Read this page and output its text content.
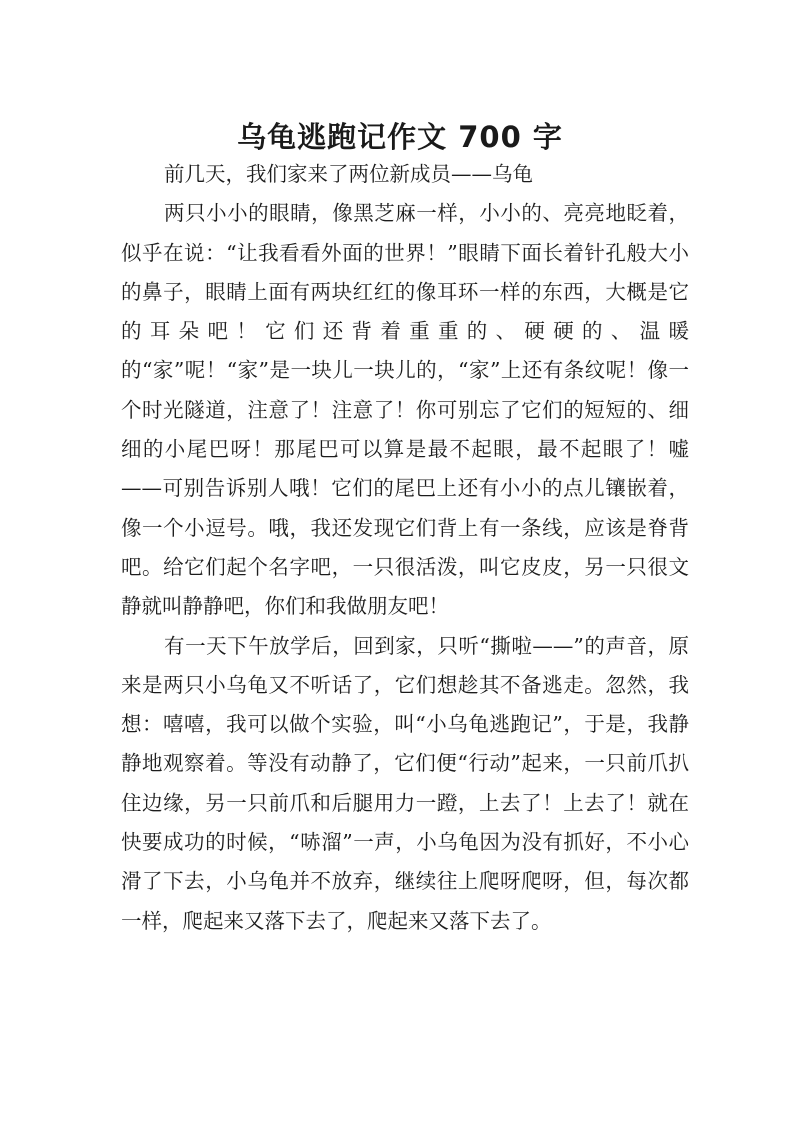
乌龟逃跑记作文 700 字

前几天，我们家来了两位新成员——乌龟

两只小小的眼睛，像黑芝麻一样，小小的、亮亮地眨着，似乎在说：“让我看看外面的世界！”眼睛下面长着针孔般大小的鼻子，眼睛上面有两块红红的像耳环一样的东西，大概是它的耳朵吧！它们还背着重重的、硬硬的、温暖的“家”呢！“家”是一块儿一块儿的，“家”上还有条纹呢！像一个时光隧道，注意了！注意了！你可别忘了它们的短短的、细细的小尾巴呀！那尾巴可以算是最不起眼，最不起眼了！嘘——可别告诉别人哦！它们的尾巴上还有小小的点儿镶嵌着，像一个小逗号。哦，我还发现它们背上有一条线，应该是脊背吧。给它们起个名字吧，一只很活泼，叫它皮皮，另一只很文静就叫静静吧，你们和我做朋友吧！

有一天下午放学后，回到家，只听“撕啦——”的声音，原来是两只小乌龟又不听话了，它们想趁其不备逃走。忽然，我想：嘻嘻，我可以做个实验，叫“小乌龟逃跑记”，于是，我静静地观察着。等没有动静了，它们便“行动”起来，一只前爪扒住边缘，另一只前爪和后腿用力一蹬，上去了！上去了！就在快要成功的时候，“哧溜”一声，小乌龟因为没有抓好，不小心滑了下去，小乌龟并不放弃，继续往上爬呀爬呀，但，每次都一样，爬起来又落下去了，爬起来又落下去了。
